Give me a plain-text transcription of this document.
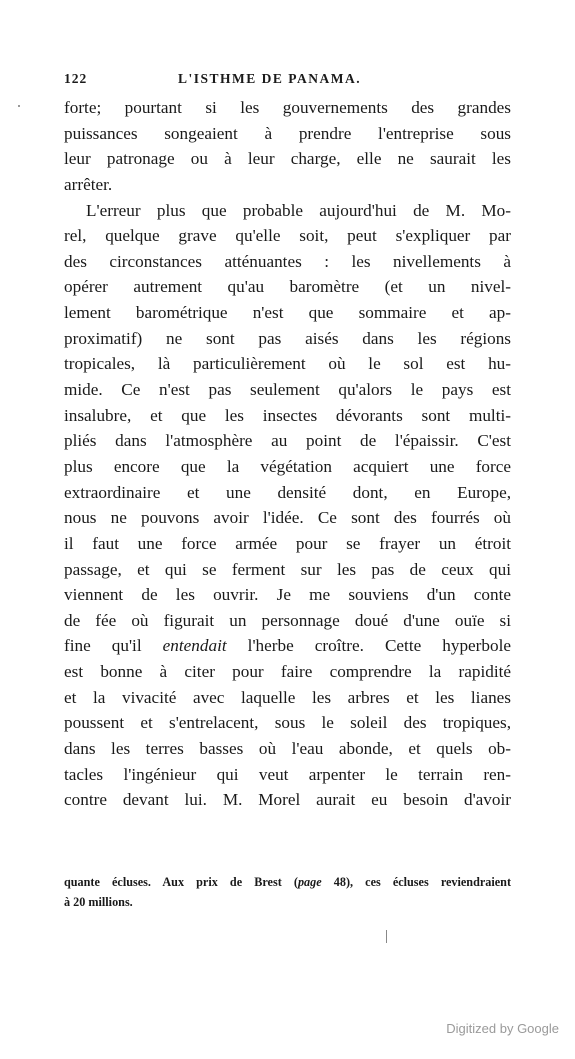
122	L'ISTHME DE PANAMA.
forte; pourtant si les gouvernements des grandes
puissances songeaient à prendre l'entreprise sous
leur patronage ou à leur charge, elle ne saurait les
arrêter.
L'erreur plus que probable aujourd'hui de M. Mo-
rel, quelque grave qu'elle soit, peut s'expliquer par
des circonstances atténuantes : les nivellements à
opérer autrement qu'au baromètre (et un nivel-
lement barométrique n'est que sommaire et ap-
proximatif) ne sont pas aisés dans les régions
tropicales, là particulièrement où le sol est hu-
mide. Ce n'est pas seulement qu'alors le pays est
insalubre, et que les insectes dévorants sont multi-
pliés dans l'atmosphère au point de l'épaissir. C'est
plus encore que la végétation acquiert une force
extraordinaire et une densité dont, en Europe,
nous ne pouvons avoir l'idée. Ce sont des fourrés où
il faut une force armée pour se frayer un étroit
passage, et qui se ferment sur les pas de ceux qui
viennent de les ouvrir. Je me souviens d'un conte
de fée où figurait un personnage doué d'une ouïe si
fine qu'il entendait l'herbe croître. Cette hyperbole
est bonne à citer pour faire comprendre la rapidité
et la vivacité avec laquelle les arbres et les lianes
poussent et s'entrelacent, sous le soleil des tropiques,
dans les terres basses où l'eau abonde, et quels ob-
tacles l'ingénieur qui veut arpenter le terrain ren-
contre devant lui. M. Morel aurait eu besoin d'avoir
quante écluses. Aux prix de Brest (page 48), ces écluses reviendraient
à 20 millions.
Digitized by Google
